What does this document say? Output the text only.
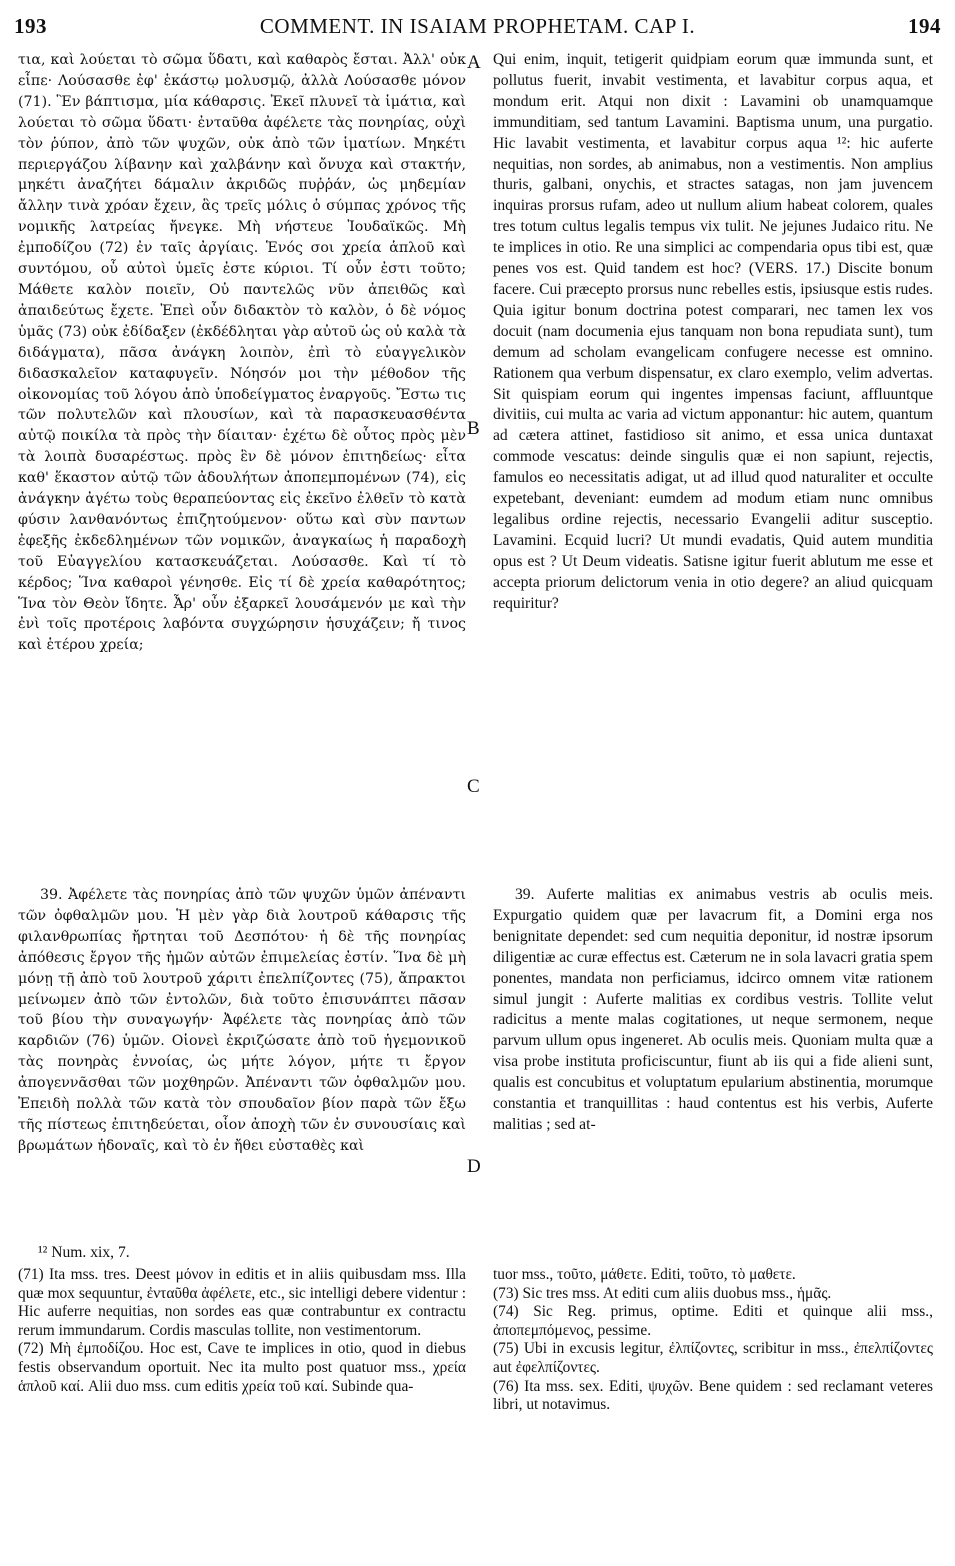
193	COMMENT. IN ISAIAM PROPHETAM. CAP I.	194

τια, καὶ λούεται τὸ σῶμα ὕδατι, καὶ καθαρὸς ἔσται. Ἀλλ' οὐκ εἶπε· Λούσασθε ἐφ' ἑκάστῳ μολυσμῷ, ἀλλὰ Λούσασθε μόνον (71). Ἓν βάπτισμα, μία κάθαρσις. Ἐκεῖ πλυνεῖ τὰ ἱμάτια, καὶ λούεται τὸ σῶμα ὕδατι· ἐνταῦθα ἀφέλετε τὰς πονηρίας, οὐχὶ τὸν ῥύπον, ἀπὸ τῶν ψυχῶν, οὐκ ἀπὸ τῶν ἱματίων. Μηκέτι περιεργάζου λίβανην καὶ χαλβάνην καὶ ὄνυχα καὶ στακτήν, μηκέτι ἀναζήτει δάμαλιν ἀκριδῶς πυῤῥάν, ὡς μηδεμίαν ἄλλην τινὰ χρόαν ἔχειν, ἃς τρεῖς μόλις ὁ σύμπας χρόνος τῆς νομικῆς λατρείας ἤνεγκε. Μὴ νήστευε Ἰουδαϊκῶς. Μὴ ἐμποδίζου (72) ἐν ταῖς ἀργίαις. Ἑνός σοι χρεία ἁπλοῦ καὶ συντόμου, οὗ αὐτοὶ ὑμεῖς ἐστε κύριοι. Τί οὖν ἐστι τοῦτο; Μάθετε καλὸν ποιεῖν, Οὐ παντελῶς νῦν ἀπειθῶς καὶ ἀπαιδεύτως ἔχετε. Ἐπεὶ οὖν διδακτὸν τὸ καλὸν, ὁ δὲ νόμος ὑμᾶς (73) οὐκ ἐδίδαξεν (ἐκδέδληται γὰρ αὐτοῦ ὡς οὐ καλὰ τὰ διδάγματα), πᾶσα ἀνάγκη λοιπὸν, ἐπὶ τὸ εὐαγγελικὸν διδασκαλεῖον καταφυγεῖν. Νόησόν μοι τὴν μέθοδον τῆς οἰκονομίας τοῦ λόγου ἀπὸ ὑποδείγματος ἐναργοῦς. Ἔστω τις τῶν πολυτελῶν καὶ πλουσίων, καὶ τὰ παρασκευασθέντα αὐτῷ ποικίλα τὰ πρὸς τὴν δίαιταν· ἐχέτω δὲ οὗτος πρὸς μὲν τὰ λοιπὰ δυσαρέστως. πρὸς ἓν δὲ μόνον ἐπιτηδείως· εἶτα καθ' ἕκαστον αὐτῷ τῶν ἀδουλήτων ἀποπεμπομένων (74), εἰς ἀνάγκην ἀγέτω τοὺς θεραπεύοντας εἰς ἐκεῖνο ἐλθεῖν τὸ κατὰ φύσιν λανθανόντως ἐπιζητούμενον· οὕτω καὶ σὺν παντων ἐφεξῆς ἐκδεδλημένων τῶν νομικῶν, ἀναγκαίως ἡ παραδοχὴ τοῦ Εὐαγγελίου κατασκευάζεται. Λούσασθε. Καὶ τί τὸ κέρδος; Ἵνα καθαροὶ γένησθε. Εἰς τί δὲ χρεία καθαρότητος; Ἵνα τὸν Θεὸν ἴδητε. Ἆρ' οὖν ἐξαρκεῖ λουσάμενόν με καὶ τὴν ἐνὶ τοῖς προτέροις λαβόντα συγχώρησιν ἡσυχάζειν; ἤ τινος καὶ ἑτέρου χρεία;

Qui enim, inquit, tetigerit quidpiam eorum quæ immunda sunt, et pollutus fuerit, invabit vestimenta, et lavabitur corpus aqua, et mondum erit. Atqui non dixit : Lavamini ob unamquamque immunditiam, sed tantum Lavamini. Baptisma unum, una purgatio. Hic lavabit vestimenta, et lavabitur corpus aqua ¹²: hic auferte nequitias, non sordes, ab animabus, non a vestimentis. Non amplius thuris, galbani, onychis, et stractes satagas, non jam juvencem inquiras prorsus rufam, adeo ut nullum alium habeat colorem, quales tres totum cultus legalis tempus vix tulit. Ne jejunes Judaico ritu. Ne te implices in otio. Re una simplici ac compendaria opus tibi est, quæ penes vos est. Quid tandem est hoc? (VERS. 17.) Discite bonum facere. Cui præcepto prorsus nunc rebelles estis, ipsiusque estis rudes. Quia igitur bonum doctrina potest comparari, nec tamen lex vos docuit (nam documenia ejus tanquam non bona repudiata sunt), tum demum ad scholam evangelicam confugere necesse est omnino. Rationem qua verbum dispensatur, ex claro exemplo, velim advertas. Sit quispiam eorum qui ingentes impensas faciunt, affluuntque divitiis, cui multa ac varia ad victum apponantur: hic autem, quantum ad cætera attinet, fastidioso sit animo, et essa unica duntaxat commode vescatus: deinde singulis quæ ei non sapiunt, rejectis, famulos eo necessitatis adigat, ut ad illud quod naturaliter et occulte expetebant, deveniant: eumdem ad modum etiam nunc omnibus legalibus ordine rejectis, necessario Evangelii aditur susceptio. Lavamini. Ecquid lucri? Ut mundi evadatis, Quid autem munditia opus est ? Ut Deum videatis. Satisne igitur fuerit ablutum me esse et accepta priorum delictorum venia in otio degere? an aliud quicquam requiritur?

A
B
C
D

39. Ἀφέλετε τὰς πονηρίας ἀπὸ τῶν ψυχῶν ὑμῶν ἀπέναντι τῶν ὀφθαλμῶν μου. Ἡ μὲν γὰρ διὰ λουτροῦ κάθαρσις τῆς φιλανθρωπίας ἤρτηται τοῦ Δεσπότου· ἡ δὲ τῆς πονηρίας ἀπόθεσις ἔργον τῆς ἡμῶν αὐτῶν ἐπιμελείας ἐστίν. Ἵνα δὲ μὴ μόνῃ τῇ ἀπὸ τοῦ λουτροῦ χάριτι ἐπελπίζοντες (75), ἄπρακτοι μείνωμεν ἀπὸ τῶν ἐντολῶν, διὰ τοῦτο ἐπισυνάπτει πᾶσαν τοῦ βίου τὴν συναγωγήν· Ἀφέλετε τὰς πονηρίας ἀπὸ τῶν καρδιῶν (76) ὑμῶν. Οἱονεὶ ἐκριζώσατε ἀπὸ τοῦ ἡγεμονικοῦ τὰς πονηρὰς ἐννοίας, ὡς μήτε λόγον, μήτε τι ἔργον ἀπογεννᾶσθαι τῶν μοχθηρῶν. Ἀπέναντι τῶν ὀφθαλμῶν μου. Ἐπειδὴ πολλὰ τῶν κατὰ τὸν σπουδαῖον βίον παρὰ τῶν ἔξω τῆς πίστεως ἐπιτηδεύεται, οἷον ἀποχὴ τῶν ἐν συνουσίαις καὶ βρωμάτων ἡδοναῖς, καὶ τὸ ἐν ἤθει εὐσταθὲς καὶ

39. Auferte malitias ex animabus vestris ab oculis meis. Expurgatio quidem quæ per lavacrum fit, a Domini erga nos benignitate dependet: sed cum nequitia deponitur, id nostræ ipsorum diligentiæ ac curæ effectus est. Cæterum ne in sola lavacri gratia spem ponentes, mandata non perficiamus, idcirco omnem vitæ rationem simul jungit : Auferte malitias ex cordibus vestris. Tollite velut radicitus a mente malas cogitationes, ut neque sermonem, neque parvum ullum opus ingeneret. Ab oculis meis. Quoniam multa quæ a visa probe instituta proficiscuntur, fiunt ab iis qui a fide alieni sunt, qualis est concubitus et voluptatum epularium abstinentia, morumque constantia et tranquillitas : haud contentus est his verbis, Auferte malitias ; sed at-

¹² Num. xix, 7.

(71) Ita mss. tres. Deest μόνον in editis et in aliis quibusdam mss. Illa quæ mox sequuntur, ἐνταῦθα ἀφέλετε, etc., sic intelligi debere videntur : Hic auferre nequitias, non sordes eas quæ contrabuntur ex contractu rerum immundarum. Cordis masculas tollite, non vestimentorum.

(72) Μὴ ἐμποδίζου. Hoc est, Cave te implices in otio, quod in diebus festis observandum oportuit. Nec ita multo post quatuor mss., χρεία ἁπλοῦ καί. Alii duo mss. cum editis χρεία τοῦ καί. Subinde qua-

tuor mss., τοῦτο, μάθετε. Editi, τοῦτο, τὸ μαθετε.

(73) Sic tres mss. At editi cum aliis duobus mss., ἡμᾶς.

(74) Sic Reg. primus, optime. Editi et quinque alii mss., ἀποπεμπόμενος, pessime.

(75) Ubi in excusis legitur, ἐλπίζοντες, scribitur in mss., ἐπελπίζοντες aut ἐφελπίζοντες.

(76) Ita mss. sex. Editi, ψυχῶν. Bene quidem : sed reclamant veteres libri, ut notavimus.
